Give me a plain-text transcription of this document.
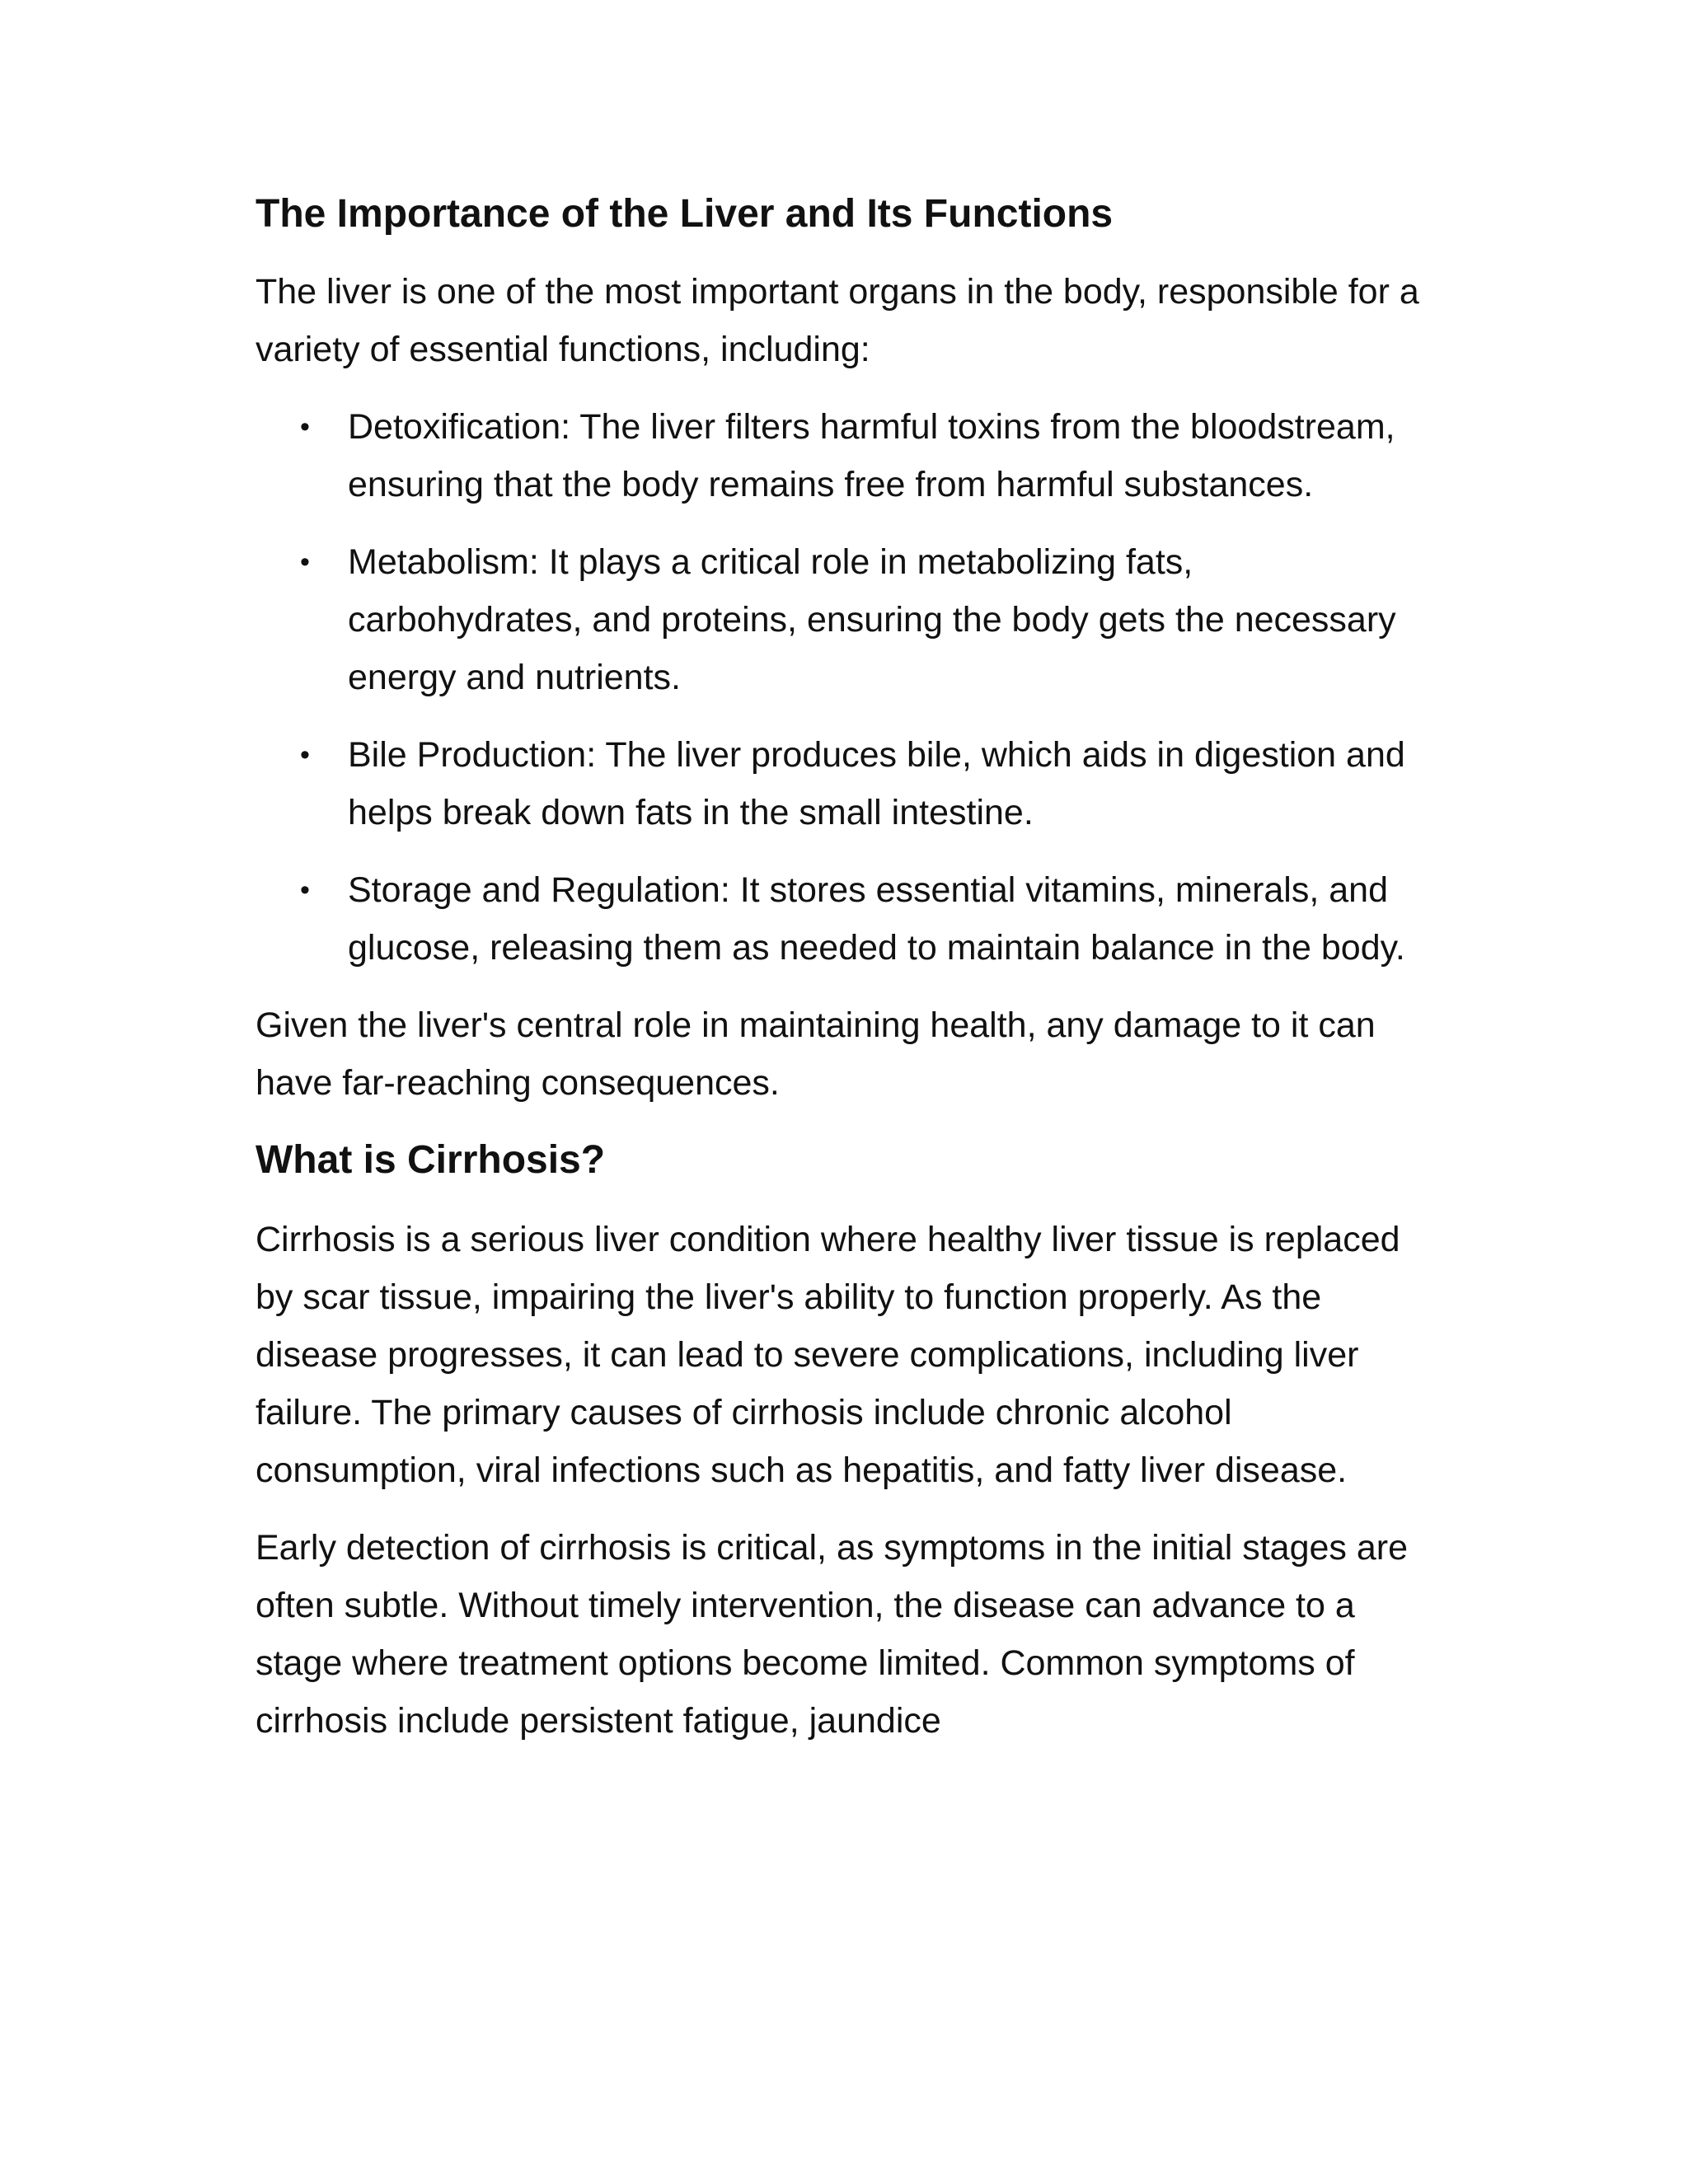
The Importance of the Liver and Its Functions

The liver is one of the most important organs in the body, responsible for a variety of essential functions, including:

• Detoxification: The liver filters harmful toxins from the bloodstream, ensuring that the body remains free from harmful substances.
• Metabolism: It plays a critical role in metabolizing fats, carbohydrates, and proteins, ensuring the body gets the necessary energy and nutrients.
• Bile Production: The liver produces bile, which aids in digestion and helps break down fats in the small intestine.
• Storage and Regulation: It stores essential vitamins, minerals, and glucose, releasing them as needed to maintain balance in the body.

Given the liver's central role in maintaining health, any damage to it can have far-reaching consequences.

What is Cirrhosis?

Cirrhosis is a serious liver condition where healthy liver tissue is replaced by scar tissue, impairing the liver's ability to function properly. As the disease progresses, it can lead to severe complications, including liver failure. The primary causes of cirrhosis include chronic alcohol consumption, viral infections such as hepatitis, and fatty liver disease.

Early detection of cirrhosis is critical, as symptoms in the initial stages are often subtle. Without timely intervention, the disease can advance to a stage where treatment options become limited. Common symptoms of cirrhosis include persistent fatigue, jaundice
